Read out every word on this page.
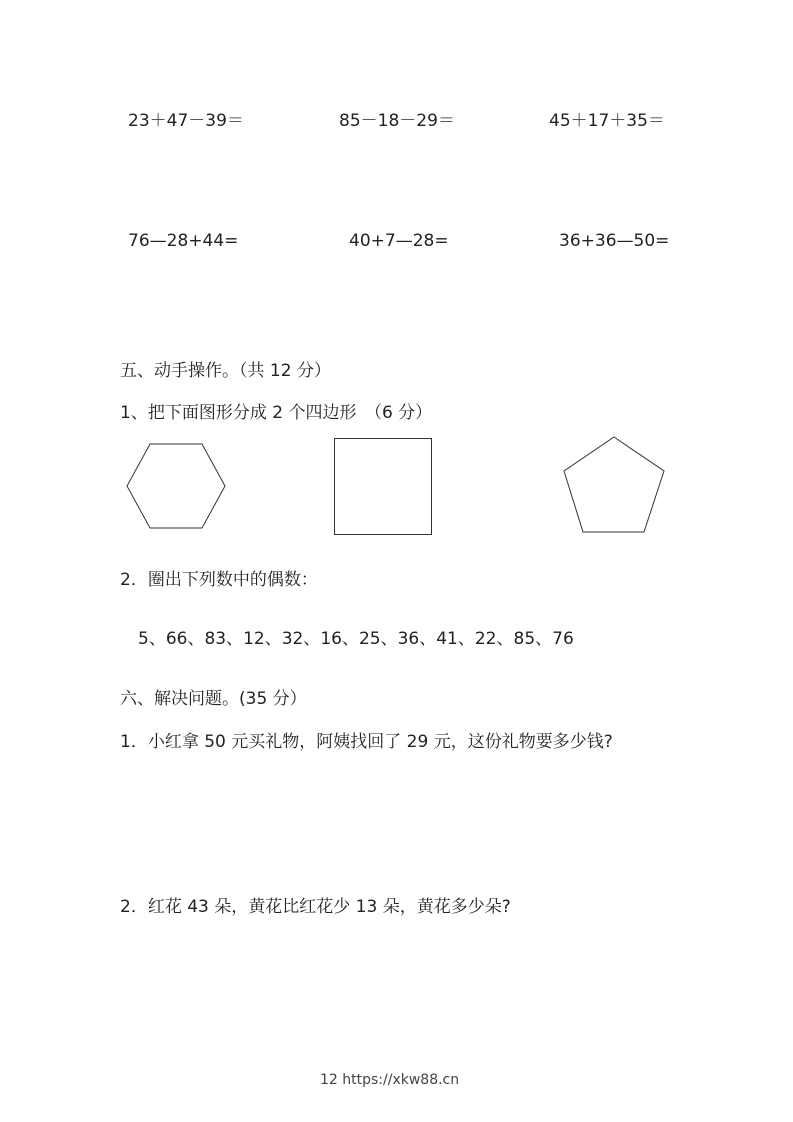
23＋47－39＝	85－18－29＝	45＋17＋35＝
76—28+44=	40+7—28=	36+36—50=
五、动手操作。（共 12 分）
1、把下面图形分成 2 个四边形　（6 分）
2．圈出下列数中的偶数：
5、66、83、12、32、16、25、36、41、22、85、76
六、解决问题。(35 分）
1．小红拿 50 元买礼物，阿姨找回了 29 元，这份礼物要多少钱?
2．红花 43 朵，黄花比红花少 13 朵，黄花多少朵?
12 https://xkw88.cn
